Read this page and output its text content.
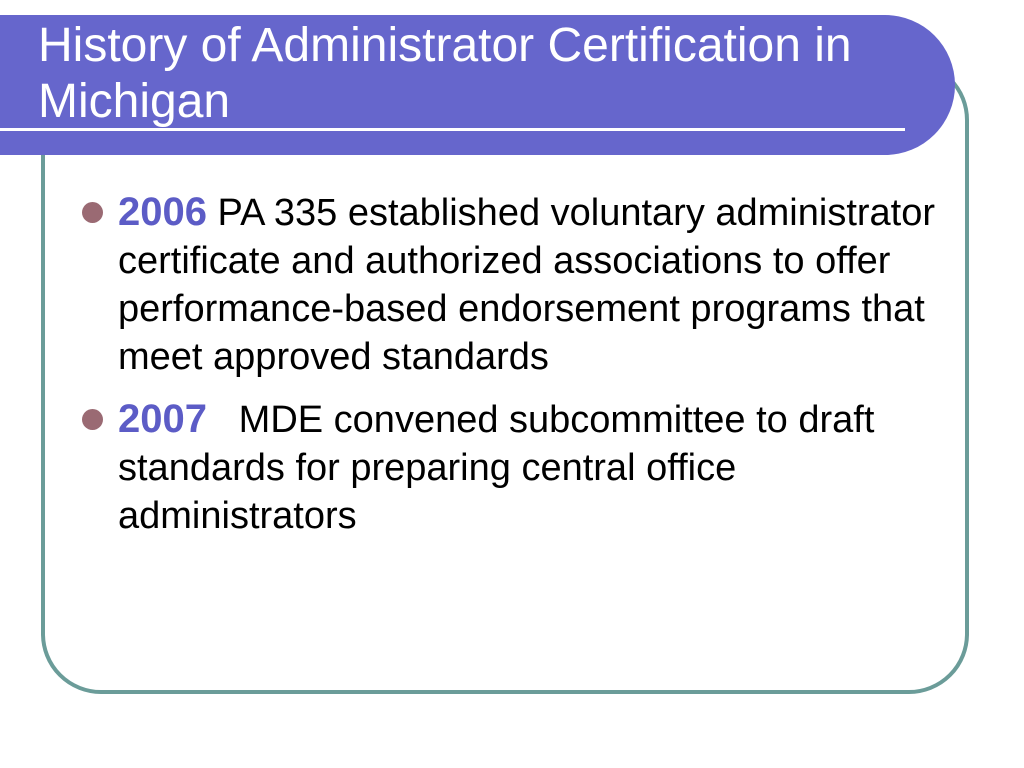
History of Administrator Certification in Michigan
2006 PA 335 established voluntary administrator certificate and authorized associations to offer performance-based endorsement programs that meet approved standards
2007 MDE convened subcommittee to draft standards for preparing central office administrators
